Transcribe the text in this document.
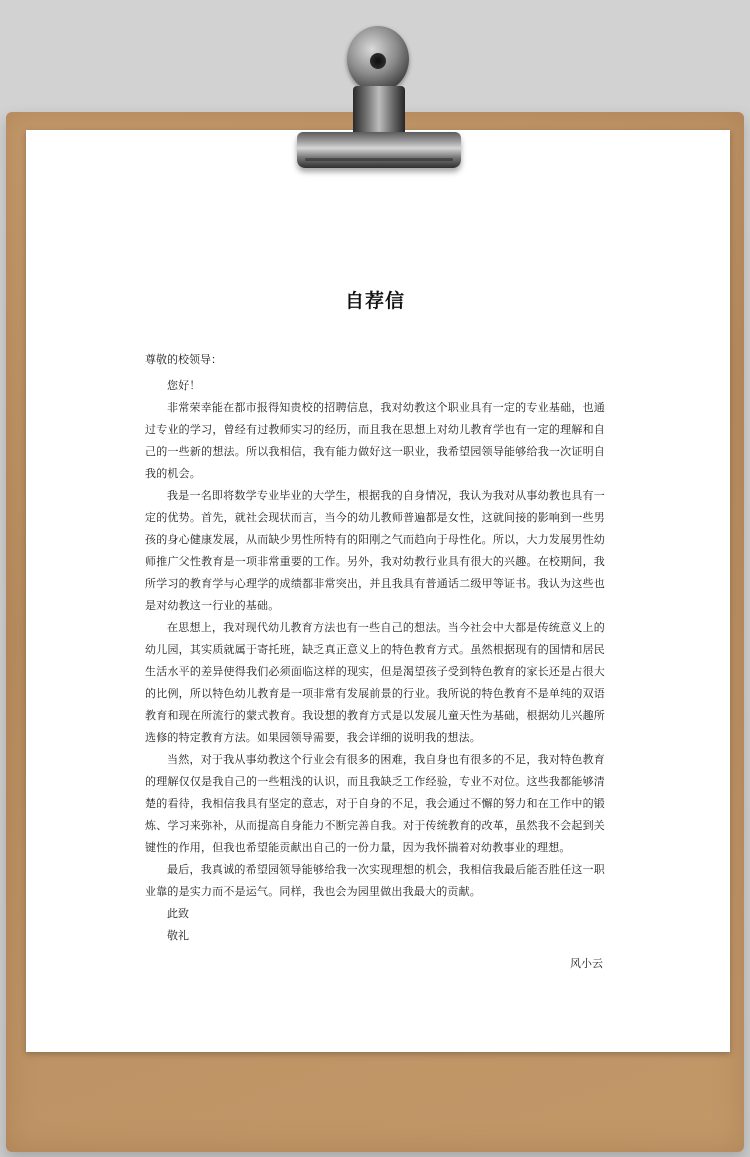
自荐信

尊敬的校领导：

您好！

非常荣幸能在都市报得知贵校的招聘信息，我对幼教这个职业具有一定的专业基础，也通过专业的学习，曾经有过教师实习的经历，而且我在思想上对幼儿教育学也有一定的理解和自己的一些新的想法。所以我相信，我有能力做好这一职业，我希望园领导能够给我一次证明自我的机会。

我是一名即将数学专业毕业的大学生，根据我的自身情况，我认为我对从事幼教也具有一定的优势。首先，就社会现状而言，当今的幼儿教师普遍都是女性，这就间接的影响到一些男孩的身心健康发展，从而缺少男性所特有的阳刚之气而趋向于母性化。所以，大力发展男性幼师推广父性教育是一项非常重要的工作。另外，我对幼教行业具有很大的兴趣。在校期间，我所学习的教育学与心理学的成绩都非常突出，并且我具有普通话二级甲等证书。我认为这些也是对幼教这一行业的基础。

在思想上，我对现代幼儿教育方法也有一些自己的想法。当今社会中大都是传统意义上的幼儿园，其实质就属于寄托班，缺乏真正意义上的特色教育方式。虽然根据现有的国情和居民生活水平的差异使得我们必须面临这样的现实，但是渴望孩子受到特色教育的家长还是占很大的比例，所以特色幼儿教育是一项非常有发展前景的行业。我所说的特色教育不是单纯的双语教育和现在所流行的蒙式教育。我设想的教育方式是以发展儿童天性为基础，根据幼儿兴趣所选修的特定教育方法。如果园领导需要，我会详细的说明我的想法。

当然，对于我从事幼教这个行业会有很多的困难，我自身也有很多的不足，我对特色教育的理解仅仅是我自己的一些粗浅的认识，而且我缺乏工作经验，专业不对位。这些我都能够清楚的看待，我相信我具有坚定的意志，对于自身的不足，我会通过不懈的努力和在工作中的锻炼、学习来弥补，从而提高自身能力不断完善自我。对于传统教育的改革，虽然我不会起到关键性的作用，但我也希望能贡献出自己的一份力量，因为我怀揣着对幼教事业的理想。

最后，我真诚的希望园领导能够给我一次实现理想的机会，我相信我最后能否胜任这一职业靠的是实力而不是运气。同样，我也会为园里做出我最大的贡献。

此致

敬礼

风小云
